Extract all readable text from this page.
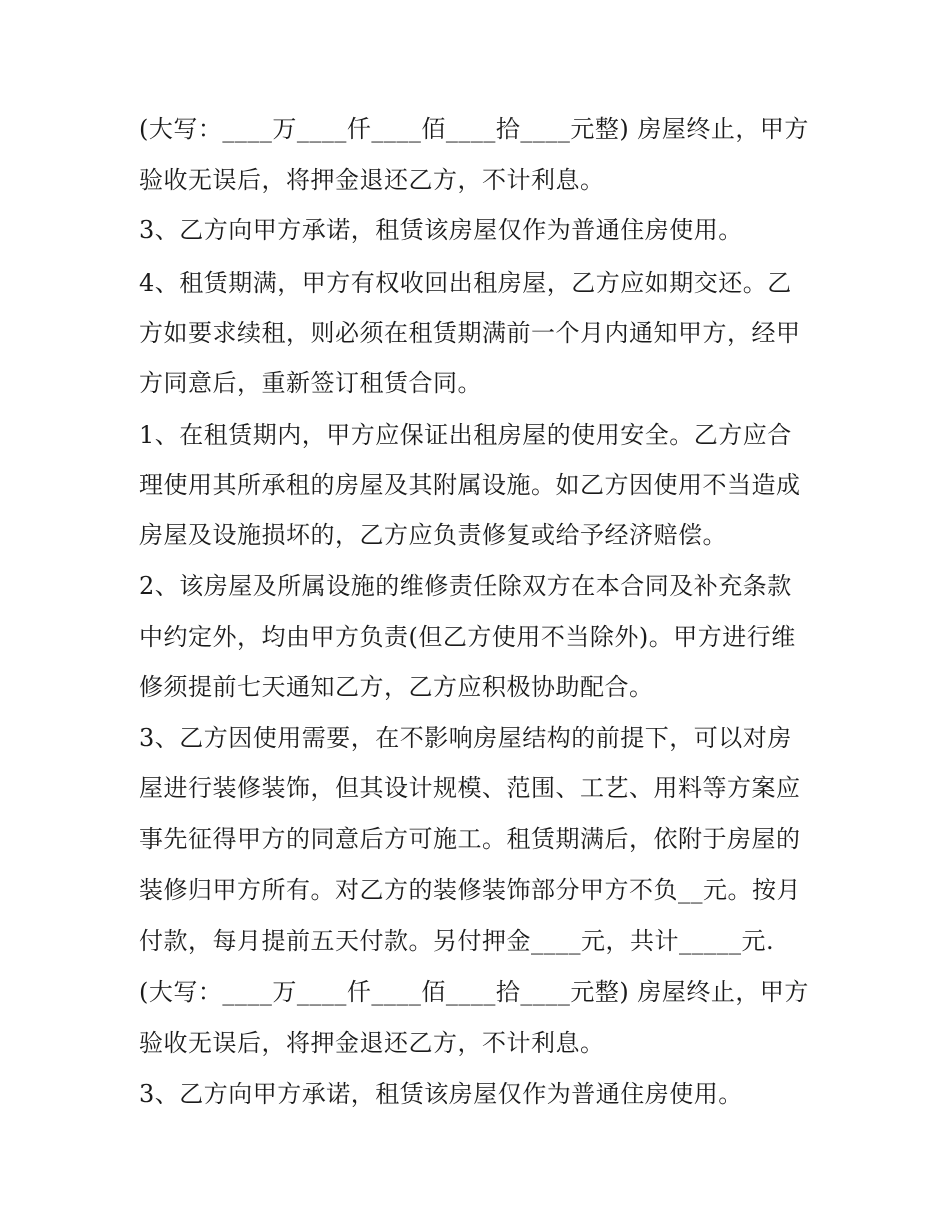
(大写：____万____仟____佰____拾____元整) 房屋终止，甲方
验收无误后，将押金退还乙方，不计利息。
3、乙方向甲方承诺，租赁该房屋仅作为普通住房使用。
4、租赁期满，甲方有权收回出租房屋，乙方应如期交还。乙
方如要求续租，则必须在租赁期满前一个月内通知甲方，经甲
方同意后，重新签订租赁合同。
1、在租赁期内，甲方应保证出租房屋的使用安全。乙方应合
理使用其所承租的房屋及其附属设施。如乙方因使用不当造成
房屋及设施损坏的，乙方应负责修复或给予经济赔偿。
2、该房屋及所属设施的维修责任除双方在本合同及补充条款
中约定外，均由甲方负责(但乙方使用不当除外)。甲方进行维
修须提前七天通知乙方，乙方应积极协助配合。
3、乙方因使用需要，在不影响房屋结构的前提下，可以对房
屋进行装修装饰，但其设计规模、范围、工艺、用料等方案应
事先征得甲方的同意后方可施工。租赁期满后，依附于房屋的
装修归甲方所有。对乙方的装修装饰部分甲方不负__元。按月
付款，每月提前五天付款。另付押金____元，共计_____元.
(大写：____万____仟____佰____拾____元整) 房屋终止，甲方
验收无误后，将押金退还乙方，不计利息。
3、乙方向甲方承诺，租赁该房屋仅作为普通住房使用。
